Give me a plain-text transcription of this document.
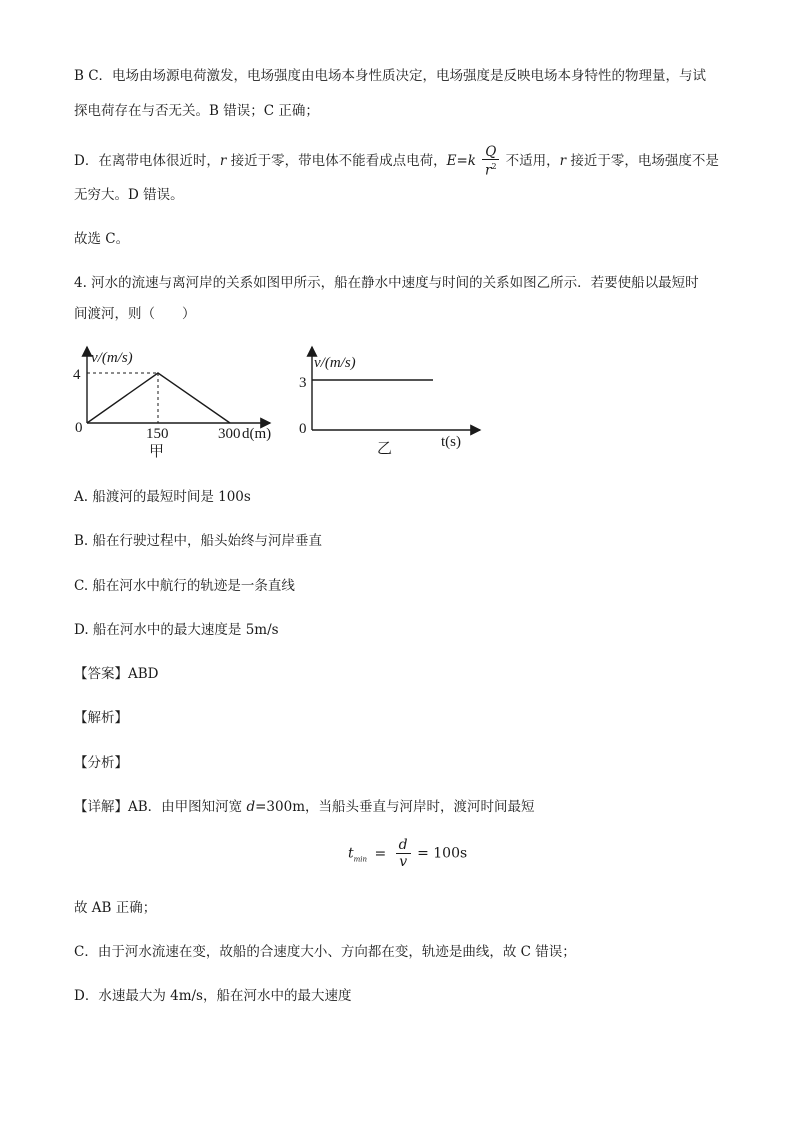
B C．电场由场源电荷激发，电场强度由电场本身性质决定，电场强度是反映电场本身特性的物理量，与试
探电荷存在与否无关。B 错误；C 正确；
D．在离带电体很近时，r 接近于零，带电体不能看成点电荷，$E=k \frac{Q}{r^2}$ 不适用，r 接近于零，电场强度不是
无穷大。D 错误。
故选 C。
4. 河水的流速与离河岸的关系如图甲所示，船在静水中速度与时间的关系如图乙所示．若要使船以最短时
间渡河，则（　　）
v/(m/s)
4
0	150	300 d(m)
甲
v/(m/s)
3
0
t(s)
乙
A. 船渡河的最短时间是 100s
B. 船在行驶过程中，船头始终与河岸垂直
C. 船在河水中航行的轨迹是一条直线
D. 船在河水中的最大速度是 5m/s
【答案】ABD
【解析】
【分析】
【详解】AB．由甲图知河宽 d=300m，当船头垂直与河岸时，渡河时间最短
$t_{min} = \frac{d}{v} = 100s$
故 AB 正确；
C．由于河水流速在变，故船的合速度大小、方向都在变，轨迹是曲线，故 C 错误；
D．水速最大为 4m/s，船在河水中的最大速度
